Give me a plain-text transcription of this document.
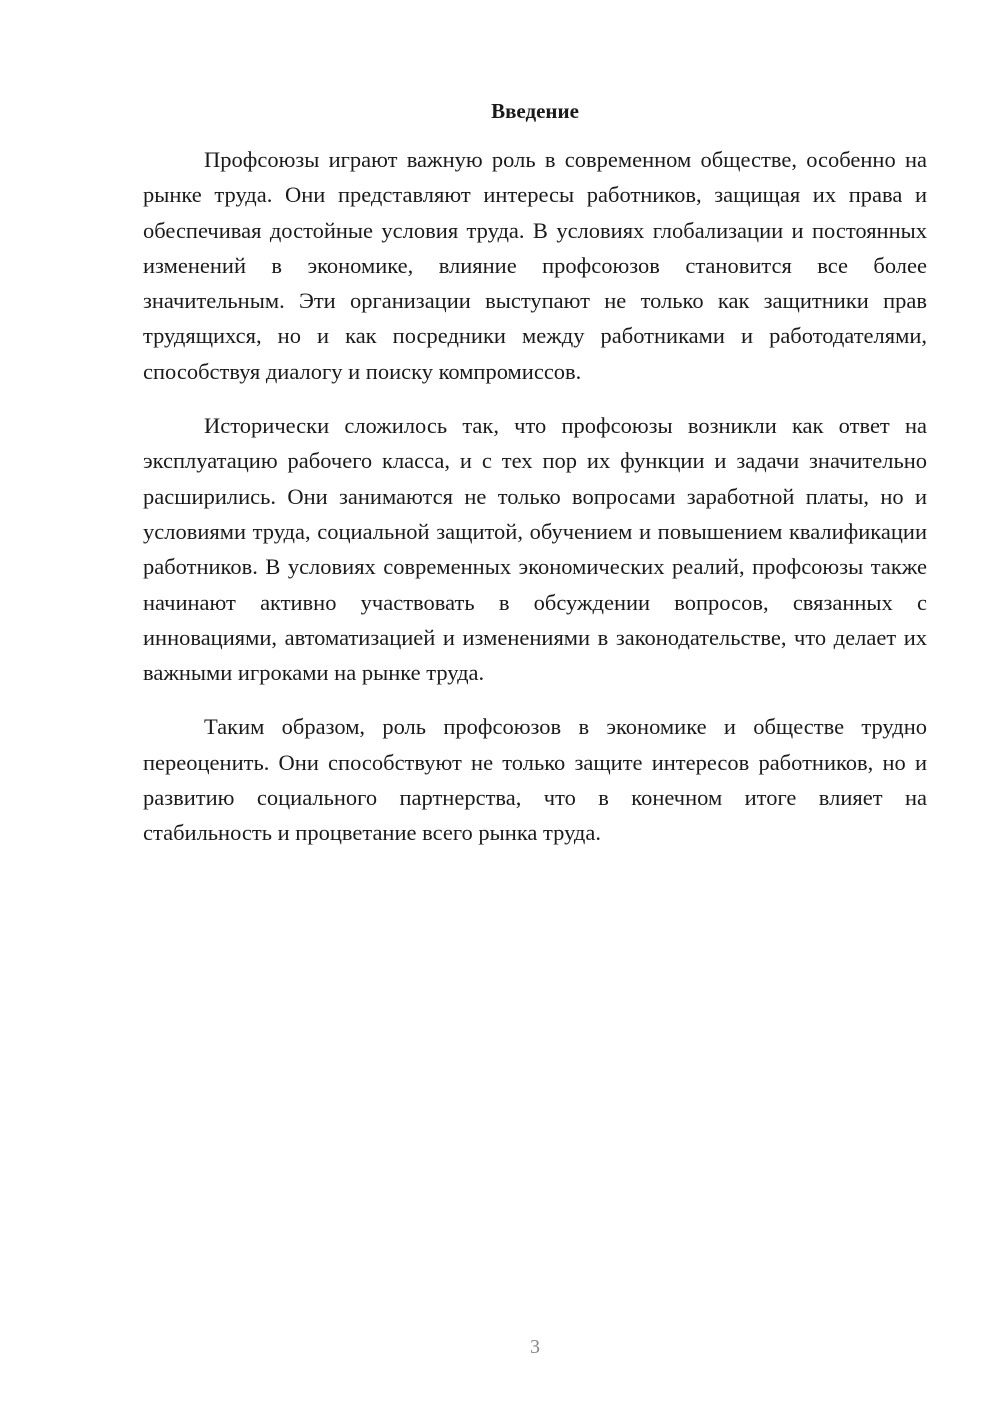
Введение

Профсоюзы играют важную роль в современном обществе, особенно на рынке труда. Они представляют интересы работников, защищая их права и обеспечивая достойные условия труда. В условиях глобализации и постоянных изменений в экономике, влияние профсоюзов становится все более значительным. Эти организации выступают не только как защитники прав трудящихся, но и как посредники между работниками и работодателями, способствуя диалогу и поиску компромиссов.

Исторически сложилось так, что профсоюзы возникли как ответ на эксплуатацию рабочего класса, и с тех пор их функции и задачи значительно расширились. Они занимаются не только вопросами заработной платы, но и условиями труда, социальной защитой, обучением и повышением квалификации работников. В условиях современных экономических реалий, профсоюзы также начинают активно участвовать в обсуждении вопросов, связанных с инновациями, автоматизацией и изменениями в законодательстве, что делает их важными игроками на рынке труда.

Таким образом, роль профсоюзов в экономике и обществе трудно переоценить. Они способствуют не только защите интересов работников, но и развитию социального партнерства, что в конечном итоге влияет на стабильность и процветание всего рынка труда.

3
